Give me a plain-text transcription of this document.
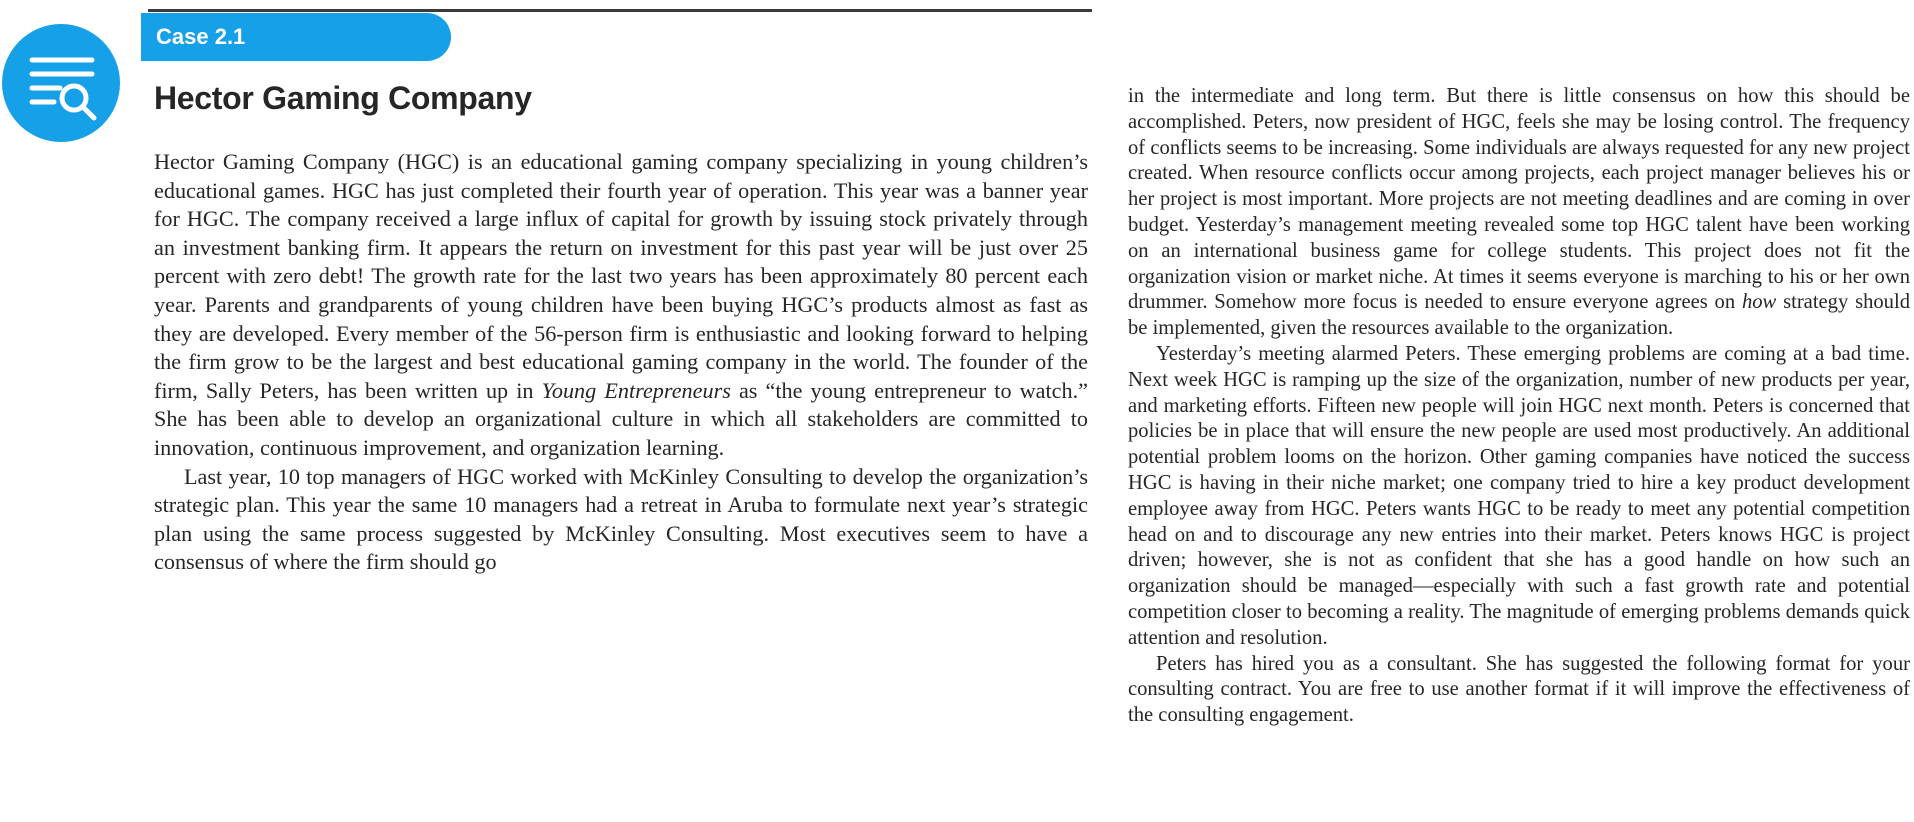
Case 2.1
Hector Gaming Company

Hector Gaming Company (HGC) is an educational gaming company specializing in young children’s educational games. HGC has just completed their fourth year of operation. This year was a banner year for HGC. The company received a large influx of capital for growth by issuing stock privately through an investment banking firm. It appears the return on investment for this past year will be just over 25 percent with zero debt! The growth rate for the last two years has been approximately 80 percent each year. Parents and grandparents of young children have been buying HGC’s products almost as fast as they are developed. Every member of the 56-person firm is enthusiastic and looking forward to helping the firm grow to be the largest and best educational gaming company in the world. The founder of the firm, Sally Peters, has been written up in Young Entrepreneurs as “the young entrepreneur to watch.” She has been able to develop an organizational culture in which all stakeholders are committed to innovation, continuous improvement, and organization learning.

Last year, 10 top managers of HGC worked with McKinley Consulting to develop the organization’s strategic plan. This year the same 10 managers had a retreat in Aruba to formulate next year’s strategic plan using the same process suggested by McKinley Consulting. Most executives seem to have a consensus of where the firm should go

in the intermediate and long term. But there is little consensus on how this should be accomplished. Peters, now president of HGC, feels she may be losing control. The frequency of conflicts seems to be increasing. Some individuals are always requested for any new project created. When resource conflicts occur among projects, each project manager believes his or her project is most important. More projects are not meeting deadlines and are coming in over budget. Yesterday’s management meeting revealed some top HGC talent have been working on an international business game for college students. This project does not fit the organization vision or market niche. At times it seems everyone is marching to his or her own drummer. Somehow more focus is needed to ensure everyone agrees on how strategy should be implemented, given the resources available to the organization.

Yesterday’s meeting alarmed Peters. These emerging problems are coming at a bad time. Next week HGC is ramping up the size of the organization, number of new products per year, and marketing efforts. Fifteen new people will join HGC next month. Peters is concerned that policies be in place that will ensure the new people are used most productively. An additional potential problem looms on the horizon. Other gaming companies have noticed the success HGC is having in their niche market; one company tried to hire a key product development employee away from HGC. Peters wants HGC to be ready to meet any potential competition head on and to discourage any new entries into their market. Peters knows HGC is project driven; however, she is not as confident that she has a good handle on how such an organization should be managed—especially with such a fast growth rate and potential competition closer to becoming a reality. The magnitude of emerging problems demands quick attention and resolution.

Peters has hired you as a consultant. She has suggested the following format for your consulting contract. You are free to use another format if it will improve the effectiveness of the consulting engagement.
